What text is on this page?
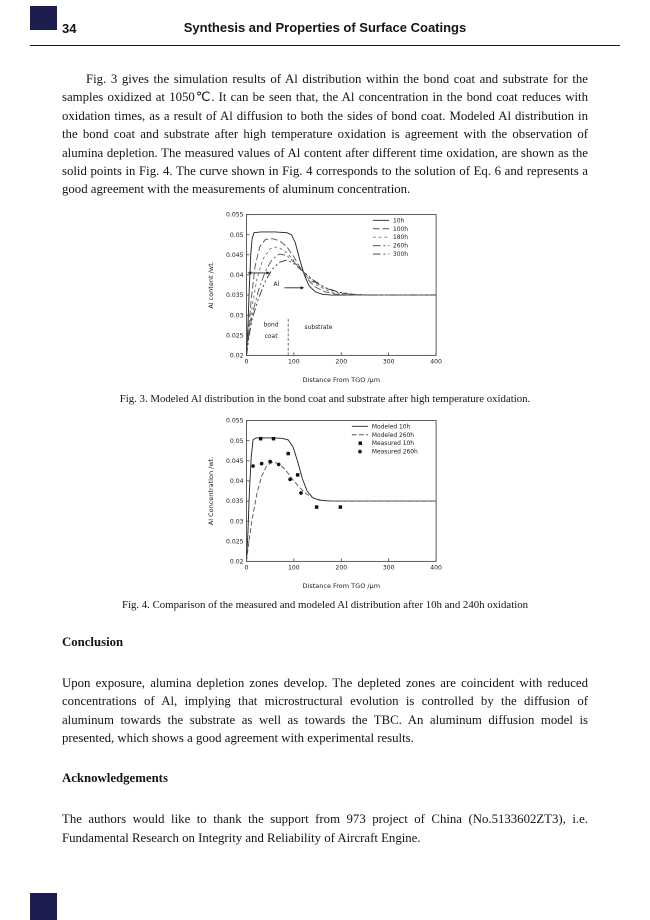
34	Synthesis and Properties of Surface Coatings

Fig. 3 gives the simulation results of Al distribution within the bond coat and substrate for the samples oxidized at 1050℃. It can be seen that, the Al concentration in the bond coat reduces with oxidation times, as a result of Al diffusion to both the sides of bond coat. Modeled Al distribution in the bond coat and substrate after high temperature oxidation is agreement with the observation of alumina depletion. The measured values of Al content after different time oxidation, are shown as the solid points in Fig. 4. The curve shown in Fig. 4 corresponds to the solution of Eq. 6 and represents a good agreement with the measurements of aluminum concentration.

0.02
0.025
0.03
0.035
0.04
0.045
0.05
0.055
0	100	200	300	400
Distance From TGO /μm
Al content /wt.
10h
100h
180h
260h
300h
bond
coat
substrate
Al
Fig. 3. Modeled Al distribution in the bond coat and substrate after high temperature oxidation.
0.02
0.025
0.03
0.035
0.04
0.045
0.05
0.055
0	100	200	300	400
Distance From TGO /μm
Al Concentration /wt.
Modeled 10h
Modeled 260h
Measured 10h
Measured 260h
Fig. 4. Comparison of the measured and modeled Al distribution after 10h and 240h oxidation
Conclusion

Upon exposure, alumina depletion zones develop. The depleted zones are coincident with reduced concentrations of Al, implying that microstructural evolution is controlled by the diffusion of aluminum towards the substrate as well as towards the TBC. An aluminum diffusion model is presented, which shows a good agreement with experimental results.

Acknowledgements

The authors would like to thank the support from 973 project of China (No.5133602ZT3), i.e. Fundamental Research on Integrity and Reliability of Aircraft Engine.
